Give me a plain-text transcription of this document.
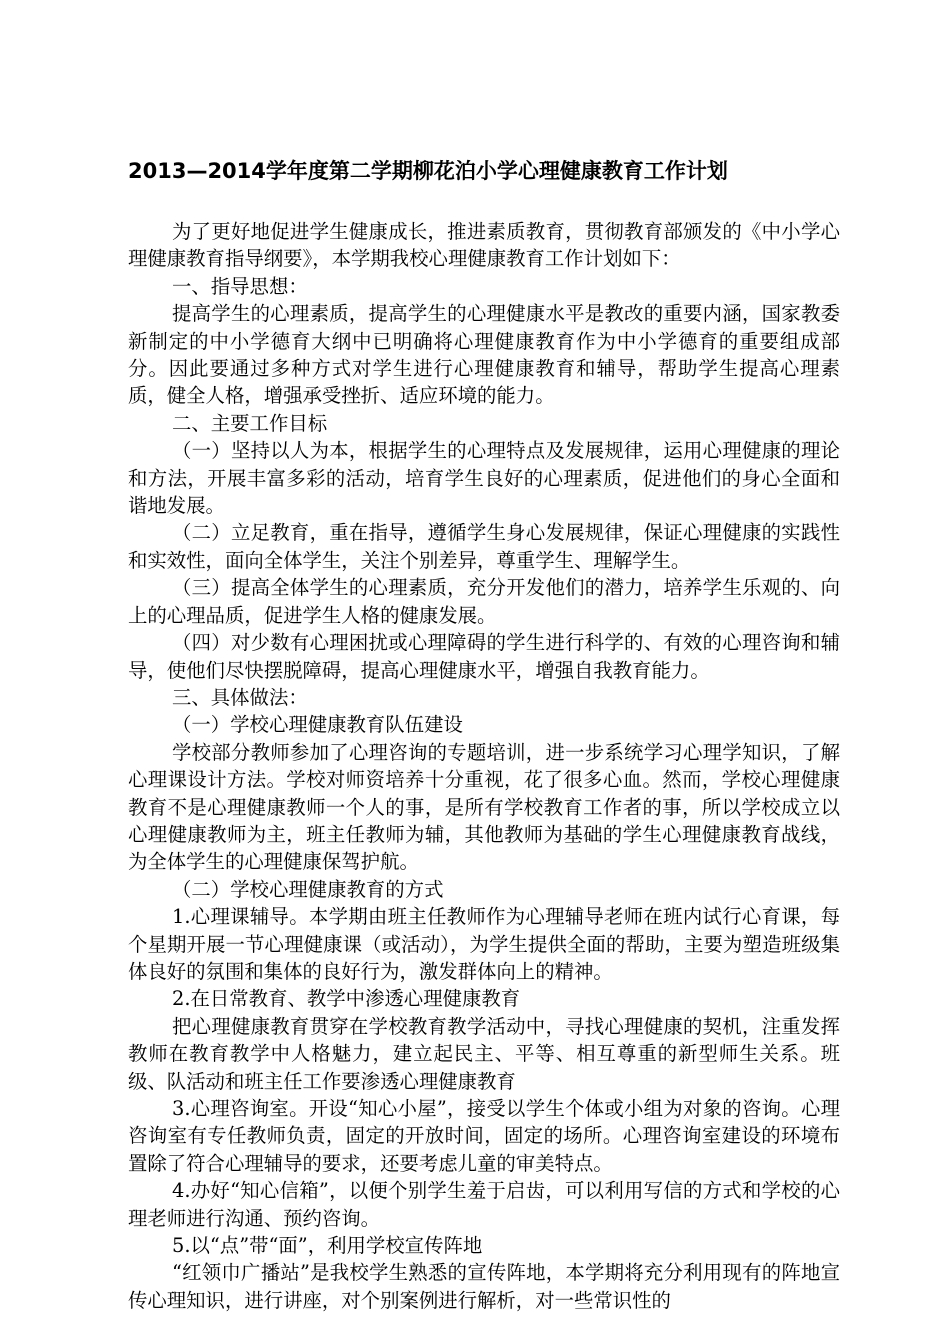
2013—2014学年度第二学期柳花泊小学心理健康教育工作计划

为了更好地促进学生健康成长，推进素质教育，贯彻教育部颁发的《中小学心理健康教育指导纲要》，本学期我校心理健康教育工作计划如下：

一、指导思想：

提高学生的心理素质，提高学生的心理健康水平是教改的重要内涵，国家教委新制定的中小学德育大纲中已明确将心理健康教育作为中小学德育的重要组成部分。因此要通过多种方式对学生进行心理健康教育和辅导，帮助学生提高心理素质，健全人格，增强承受挫折、适应环境的能力。

二、主要工作目标

（一）坚持以人为本，根据学生的心理特点及发展规律，运用心理健康的理论和方法，开展丰富多彩的活动，培育学生良好的心理素质，促进他们的身心全面和谐地发展。

（二）立足教育，重在指导，遵循学生身心发展规律，保证心理健康的实践性和实效性，面向全体学生，关注个别差异，尊重学生、理解学生。

（三）提高全体学生的心理素质，充分开发他们的潜力，培养学生乐观的、向上的心理品质，促进学生人格的健康发展。

（四）对少数有心理困扰或心理障碍的学生进行科学的、有效的心理咨询和辅导，使他们尽快摆脱障碍，提高心理健康水平，增强自我教育能力。

三、具体做法：

（一）学校心理健康教育队伍建设

学校部分教师参加了心理咨询的专题培训，进一步系统学习心理学知识，了解心理课设计方法。学校对师资培养十分重视，花了很多心血。然而，学校心理健康教育不是心理健康教师一个人的事，是所有学校教育工作者的事，所以学校成立以心理健康教师为主，班主任教师为辅，其他教师为基础的学生心理健康教育战线，为全体学生的心理健康保驾护航。

（二）学校心理健康教育的方式

1.心理课辅导。本学期由班主任教师作为心理辅导老师在班内试行心育课，每个星期开展一节心理健康课（或活动），为学生提供全面的帮助，主要为塑造班级集体良好的氛围和集体的良好行为，激发群体向上的精神。

2.在日常教育、教学中渗透心理健康教育

把心理健康教育贯穿在学校教育教学活动中，寻找心理健康的契机，注重发挥教师在教育教学中人格魅力，建立起民主、平等、相互尊重的新型师生关系。班级、队活动和班主任工作要渗透心理健康教育

3.心理咨询室。开设“知心小屋”，接受以学生个体或小组为对象的咨询。心理咨询室有专任教师负责，固定的开放时间，固定的场所。心理咨询室建设的环境布置除了符合心理辅导的要求，还要考虑儿童的审美特点。

4.办好“知心信箱”，以便个别学生羞于启齿，可以利用写信的方式和学校的心理老师进行沟通、预约咨询。

5.以“点”带“面”，利用学校宣传阵地

“红领巾广播站”是我校学生熟悉的宣传阵地，本学期将充分利用现有的阵地宣传心理知识，进行讲座，对个别案例进行解析，对一些常识性的
